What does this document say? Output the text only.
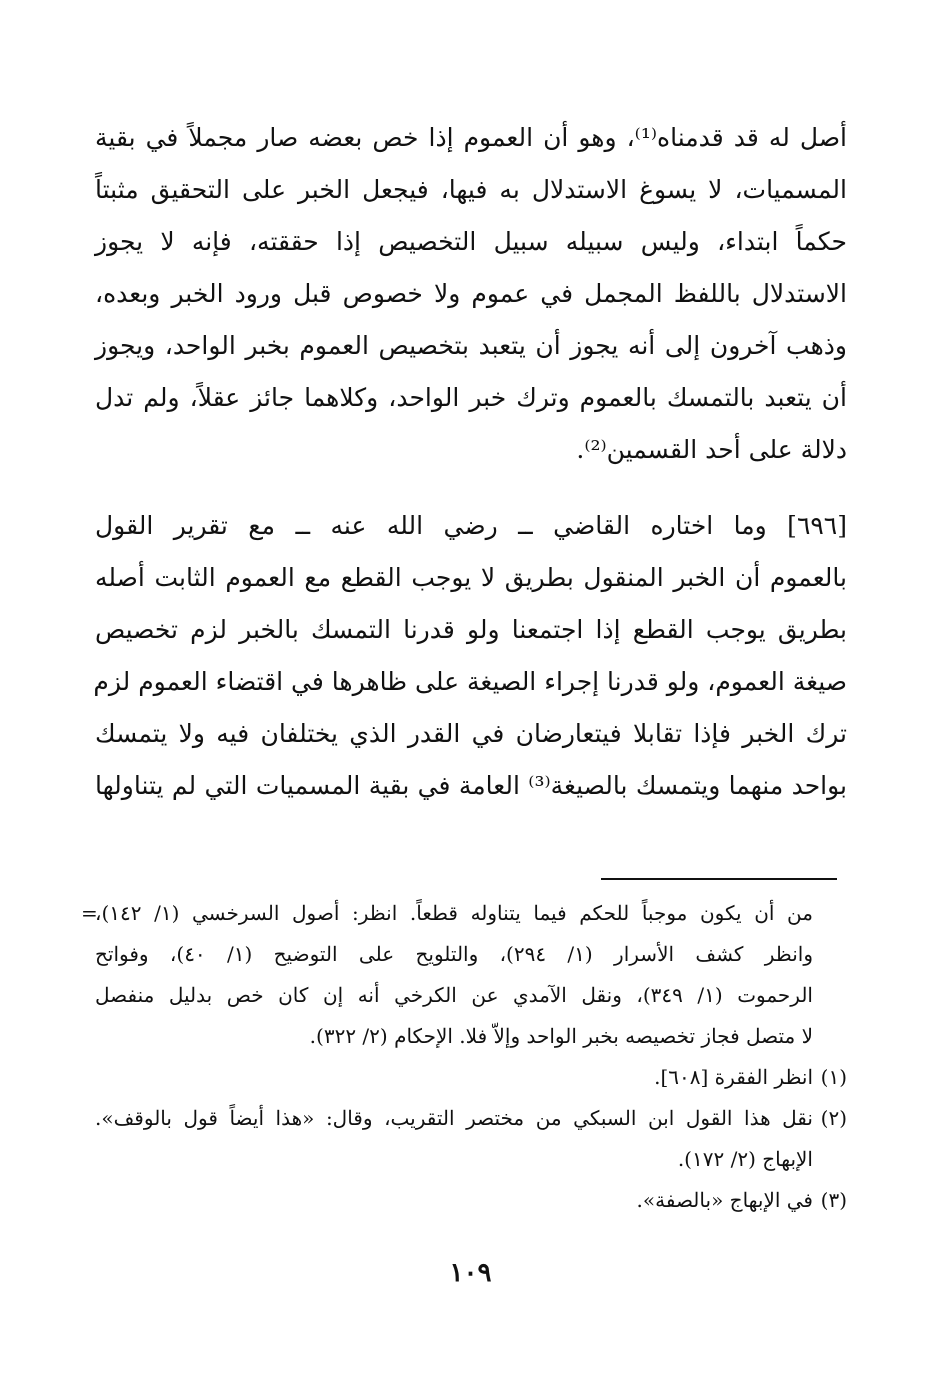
أصل له قد قدمناه⁽¹⁾، وهو أن العموم إذا خص بعضه صار مجملاً في بقية
المسميات، لا يسوغ الاستدلال به فيها، فيجعل الخبر على التحقيق مثبتاً
حكماً ابتداء، وليس سبيله سبيل التخصيص إذا حققته، فإنه لا يجوز
الاستدلال باللفظ المجمل في عموم ولا خصوص قبل ورود الخبر وبعده،
وذهب آخرون إلى أنه يجوز أن يتعبد بتخصيص العموم بخبر الواحد، ويجوز
أن يتعبد بالتمسك بالعموم وترك خبر الواحد، وكلاهما جائز عقلاً، ولم تدل
دلالة على أحد القسمين⁽²⁾.
[٦٩٦] وما اختاره القاضي ــ رضي الله عنه ــ مع تقرير القول
بالعموم أن الخبر المنقول بطريق لا يوجب القطع مع العموم الثابت أصله
بطريق يوجب القطع إذا اجتمعنا ولو قدرنا التمسك بالخبر لزم تخصيص
صيغة العموم، ولو قدرنا إجراء الصيغة على ظاهرها في اقتضاء العموم لزم
ترك الخبر فإذا تقابلا فيتعارضان في القدر الذي يختلفان فيه ولا يتمسك
بواحد منهما ويتمسك بالصيغة⁽³⁾ العامة في بقية المسميات التي لم يتناولها
=
من أن يكون موجباً للحكم فيما يتناوله قطعاً. انظر: أصول السرخسي (١/ ١٤٢)،
وانظر كشف الأسرار (١/ ٢٩٤)، والتلويح على التوضيح (١/ ٤٠)، وفواتح
الرحموت (١/ ٣٤٩)، ونقل الآمدي عن الكرخي أنه إن كان خص بدليل منفصل
لا متصل فجاز تخصيصه بخبر الواحد وإلاّ فلا. الإحكام (٢/ ٣٢٢).
(١)
انظر الفقرة [٦٠٨].
(٢)
نقل هذا القول ابن السبكي من مختصر التقريب، وقال: «هذا أيضاً قول بالوقف».
الإبهاج (٢/ ١٧٢).
(٣)
في الإبهاج «بالصفة».
١٠٩
